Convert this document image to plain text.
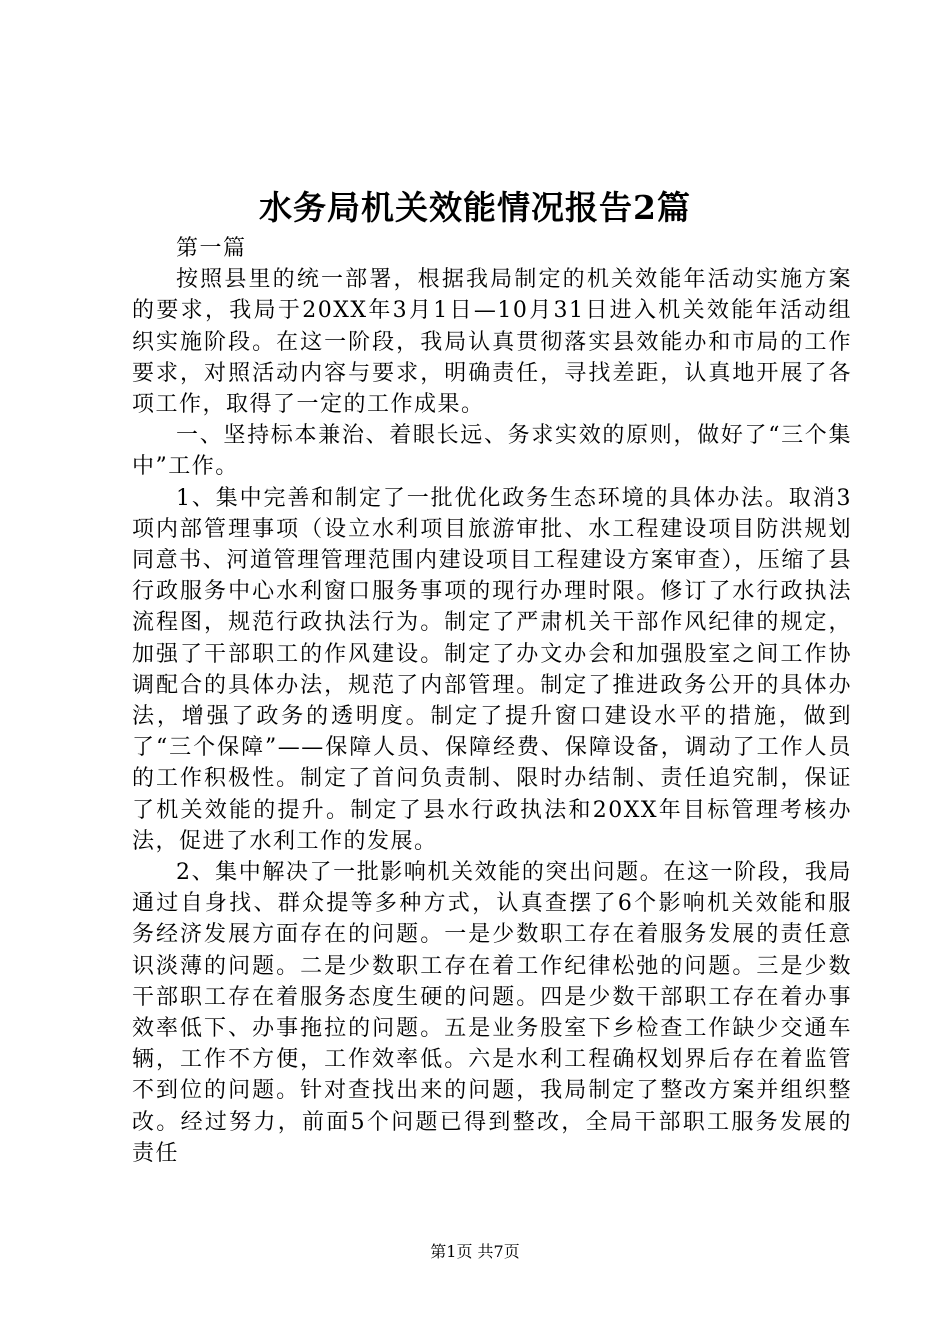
水务局机关效能情况报告2篇

第一篇

按照县里的统一部署，根据我局制定的机关效能年活动实施方案的要求，我局于20XX年3月1日—10月31日进入机关效能年活动组织实施阶段。在这一阶段，我局认真贯彻落实县效能办和市局的工作要求，对照活动内容与要求，明确责任，寻找差距，认真地开展了各项工作，取得了一定的工作成果。

一、坚持标本兼治、着眼长远、务求实效的原则，做好了“三个集中”工作。

1、集中完善和制定了一批优化政务生态环境的具体办法。取消3项内部管理事项（设立水利项目旅游审批、水工程建设项目防洪规划同意书、河道管理管理范围内建设项目工程建设方案审查），压缩了县行政服务中心水利窗口服务事项的现行办理时限。修订了水行政执法流程图，规范行政执法行为。制定了严肃机关干部作风纪律的规定，加强了干部职工的作风建设。制定了办文办会和加强股室之间工作协调配合的具体办法，规范了内部管理。制定了推进政务公开的具体办法，增强了政务的透明度。制定了提升窗口建设水平的措施，做到了“三个保障”——保障人员、保障经费、保障设备，调动了工作人员的工作积极性。制定了首问负责制、限时办结制、责任追究制，保证了机关效能的提升。制定了县水行政执法和20XX年目标管理考核办法，促进了水利工作的发展。

2、集中解决了一批影响机关效能的突出问题。在这一阶段，我局通过自身找、群众提等多种方式，认真查摆了6个影响机关效能和服务经济发展方面存在的问题。一是少数职工存在着服务发展的责任意识淡薄的问题。二是少数职工存在着工作纪律松弛的问题。三是少数干部职工存在着服务态度生硬的问题。四是少数干部职工存在着办事效率低下、办事拖拉的问题。五是业务股室下乡检查工作缺少交通车辆，工作不方便，工作效率低。六是水利工程确权划界后存在着监管不到位的问题。针对查找出来的问题，我局制定了整改方案并组织整改。经过努力，前面5个问题已得到整改，全局干部职工服务发展的责任

第1页 共7页
